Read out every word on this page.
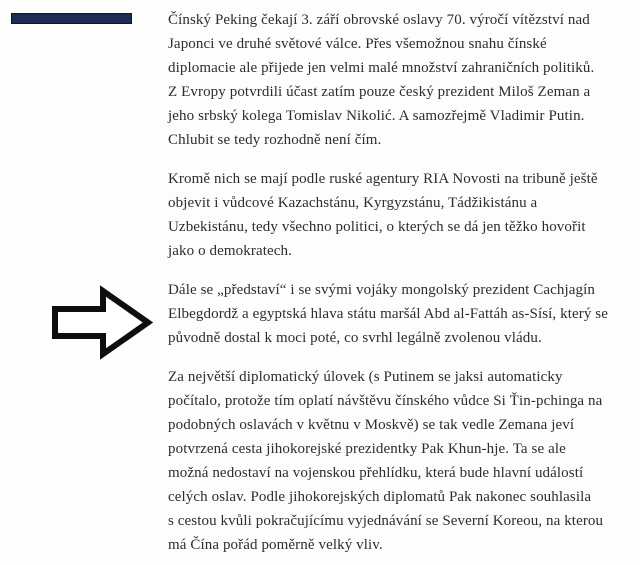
Čínský Peking čekají 3. září obrovské oslavy 70. výročí vítězství nad
Japonci ve druhé světové válce. Přes všemožnou snahu čínské
diplomacie ale přijede jen velmi malé množství zahraničních politiků.
Z Evropy potvrdili účast zatím pouze český prezident Miloš Zeman a
jeho srbský kolega Tomislav Nikolić. A samozřejmě Vladimir Putin.
Chlubit se tedy rozhodně není čím.
Kromě nich se mají podle ruské agentury RIA Novosti na tribuně ještě
objevit i vůdcové Kazachstánu, Kyrgyzstánu, Tádžikistánu a
Uzbekistánu, tedy všechno politici, o kterých se dá jen těžko hovořit
jako o demokratech.
Dále se „představí“ i se svými vojáky mongolský prezident Cachjagín
Elbegdordž a egyptská hlava státu maršál Abd al-Fattáh as-Sísí, který se
původně dostal k moci poté, co svrhl legálně zvolenou vládu.
Za největší diplomatický úlovek (s Putinem se jaksi automaticky
počítalo, protože tím oplatí návštěvu čínského vůdce Si Ťin-pchinga na
podobných oslavách v květnu v Moskvě) se tak vedle Zemana jeví
potvrzená cesta jihokorejské prezidentky Pak Khun-hje. Ta se ale
možná nedostaví na vojenskou přehlídku, která bude hlavní událostí
celých oslav. Podle jihokorejských diplomatů Pak nakonec souhlasila
s cestou kvůli pokračujícímu vyjednávání se Severní Koreou, na kterou
má Čína pořád poměrně velký vliv.
